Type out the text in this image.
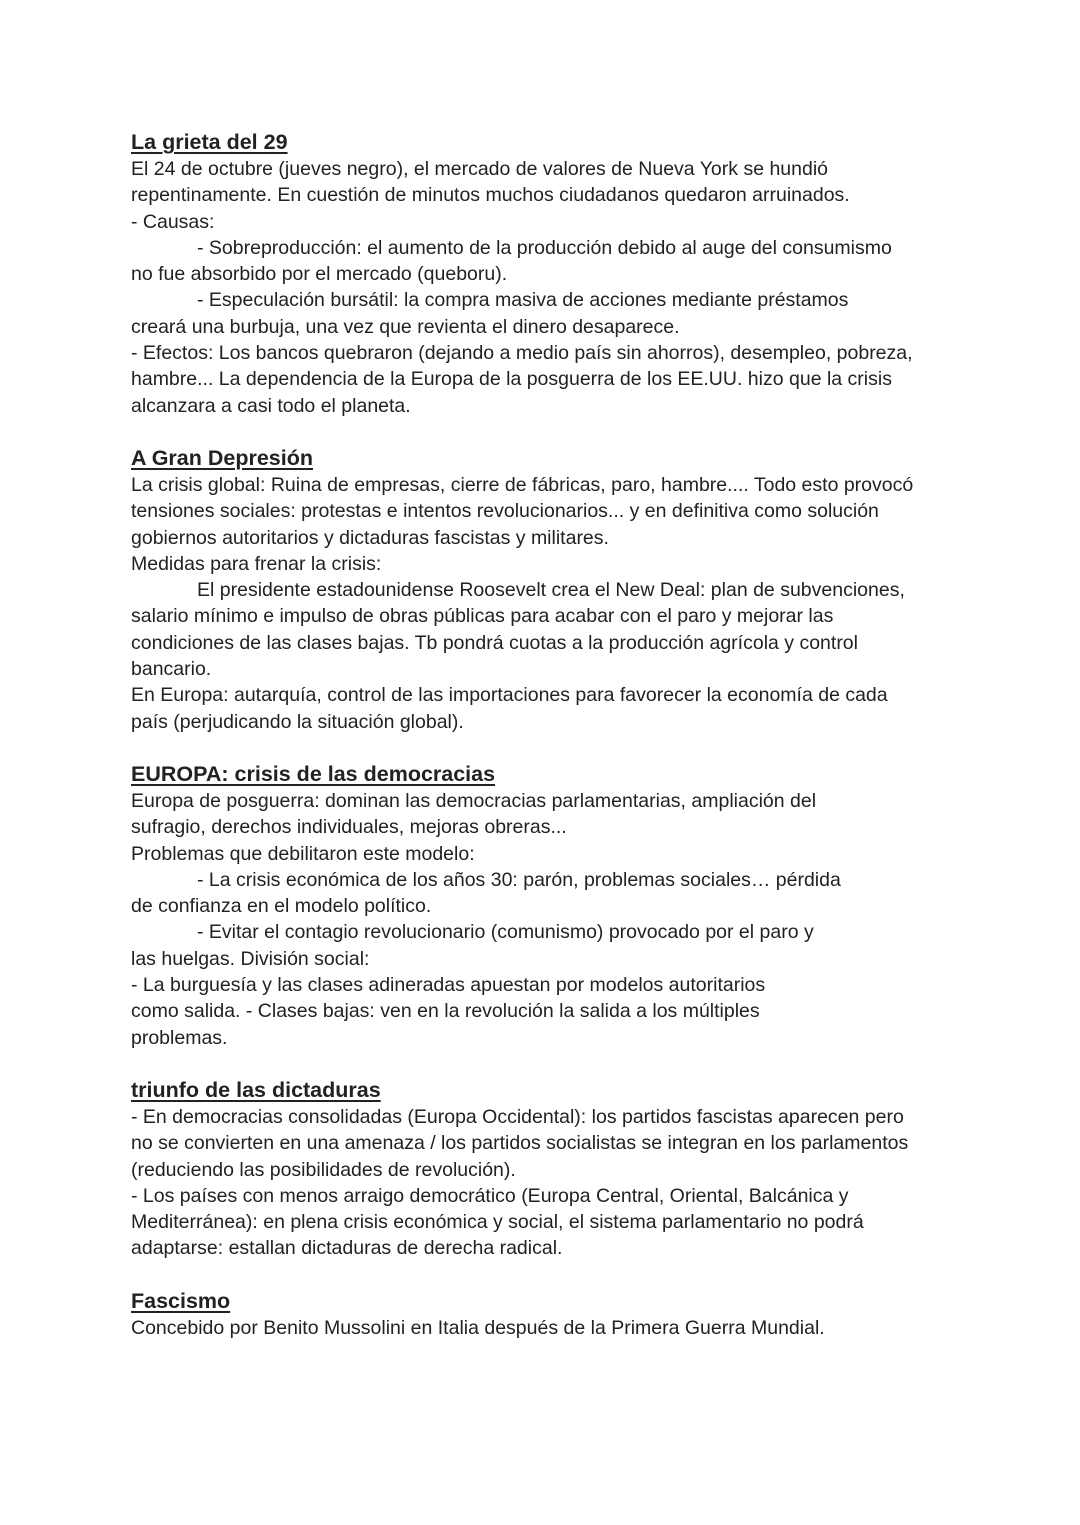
La grieta del 29

El 24 de octubre (jueves negro), el mercado de valores de Nueva York se hundió

repentinamente. En cuestión de minutos muchos ciudadanos quedaron arruinados.

- Causas:

- Sobreproducción: el aumento de la producción debido al auge del consumismo

no fue absorbido por el mercado (queboru).

- Especulación bursátil: la compra masiva de acciones mediante préstamos

creará una burbuja, una vez que revienta el dinero desaparece.

- Efectos: Los bancos quebraron (dejando a medio país sin ahorros), desempleo, pobreza,

hambre... La dependencia de la Europa de la posguerra de los EE.UU. hizo que la crisis

alcanzara a casi todo el planeta.

A Gran Depresión

La crisis global: Ruina de empresas, cierre de fábricas, paro, hambre.... Todo esto provocó

tensiones sociales: protestas e intentos revolucionarios... y en definitiva como solución

gobiernos autoritarios y dictaduras fascistas y militares.

Medidas para frenar la crisis:

El presidente estadounidense Roosevelt crea el New Deal: plan de subvenciones,

salario mínimo e impulso de obras públicas para acabar con el paro y mejorar las

condiciones de las clases bajas. Tb pondrá cuotas a la producción agrícola y control

bancario.

En Europa: autarquía, control de las importaciones para favorecer la economía de cada

país (perjudicando la situación global).

EUROPA: crisis de las democracias

Europa de posguerra: dominan las democracias parlamentarias, ampliación del

sufragio, derechos individuales, mejoras obreras...

Problemas que debilitaron este modelo:

- La crisis económica de los años 30: parón, problemas sociales… pérdida

de confianza en el modelo político.

- Evitar el contagio revolucionario (comunismo) provocado por el paro y

las huelgas. División social:

- La burguesía y las clases adineradas apuestan por modelos autoritarios

como salida. - Clases bajas: ven en la revolución la salida a los múltiples

problemas.

triunfo de las dictaduras

- En democracias consolidadas (Europa Occidental): los partidos fascistas aparecen pero

no se convierten en una amenaza / los partidos socialistas se integran en los parlamentos

(reduciendo las posibilidades de revolución).

- Los países con menos arraigo democrático (Europa Central, Oriental, Balcánica y

Mediterránea): en plena crisis económica y social, el sistema parlamentario no podrá

adaptarse: estallan dictaduras de derecha radical.

Fascismo

Concebido por Benito Mussolini en Italia después de la Primera Guerra Mundial.
